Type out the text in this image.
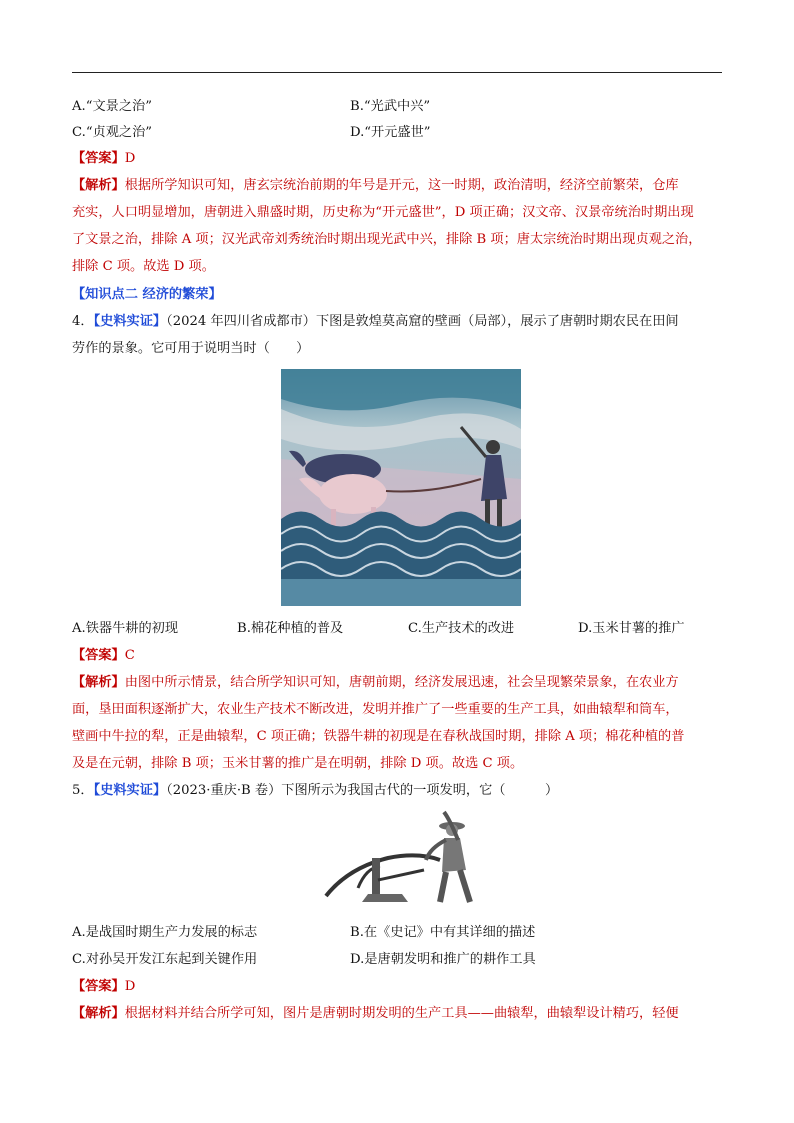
A.“文景之治”	B.“光武中兴”
C.“贞观之治”	D.“开元盛世”
【答案】D
【解析】根据所学知识可知，唐玄宗统治前期的年号是开元，这一时期，政治清明，经济空前繁荣，仓库
充实，人口明显增加，唐朝进入鼎盛时期，历史称为“开元盛世”，D 项正确；汉文帝、汉景帝统治时期出现
了文景之治，排除 A 项；汉光武帝刘秀统治时期出现光武中兴，排除 B 项；唐太宗统治时期出现贞观之治，
排除 C 项。故选 D 项。
【知识点二 经济的繁荣】
4．【史料实证】（2024 年四川省成都市）下图是敦煌莫高窟的壁画（局部），展示了唐朝时期农民在田间
劳作的景象。它可用于说明当时（　　）
A.铁器牛耕的初现	B.棉花种植的普及	C.生产技术的改进	D.玉米甘薯的推广
【答案】C
【解析】由图中所示情景，结合所学知识可知，唐朝前期，经济发展迅速，社会呈现繁荣景象，在农业方
面，垦田面积逐渐扩大，农业生产技术不断改进，发明并推广了一些重要的生产工具，如曲辕犁和筒车，
壁画中牛拉的犁，正是曲辕犁，C 项正确；铁器牛耕的初现是在春秋战国时期，排除 A 项；棉花种植的普
及是在元朝，排除 B 项；玉米甘薯的推广是在明朝，排除 D 项。故选 C 项。
5．【史料实证】（2023·重庆·B 卷）下图所示为我国古代的一项发明，它（　　　）
A.是战国时期生产力发展的标志	B.在《史记》中有其详细的描述
C.对孙吴开发江东起到关键作用	D.是唐朝发明和推广的耕作工具
【答案】D
【解析】根据材料并结合所学可知，图片是唐朝时期发明的生产工具——曲辕犁，曲辕犁设计精巧，轻便
